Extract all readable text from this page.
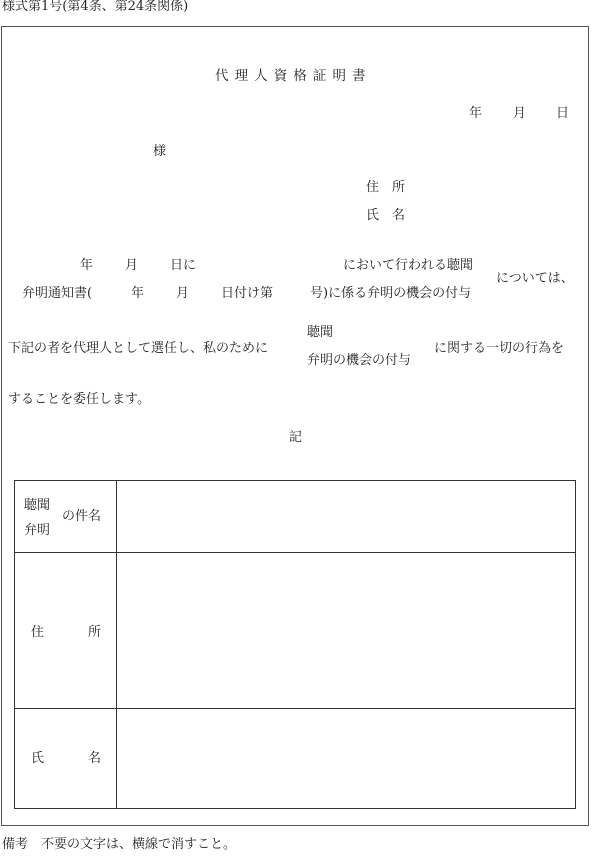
様式第1号(第4条、第24条関係)
代理人資格証明書
年 月 日
様
住　所
氏　名
年 月 日に	において行われる聴聞
弁明通知書(	年 月 日付け第	号)に係る弁明の機会の付与
については、
下記の者を代理人として選任し、私のために
聴聞
弁明の機会の付与
に関する一切の行為を
することを委任します。
記
聴聞
弁明
の件名
住	所
氏	名
備考　不要の文字は、横線で消すこと。
